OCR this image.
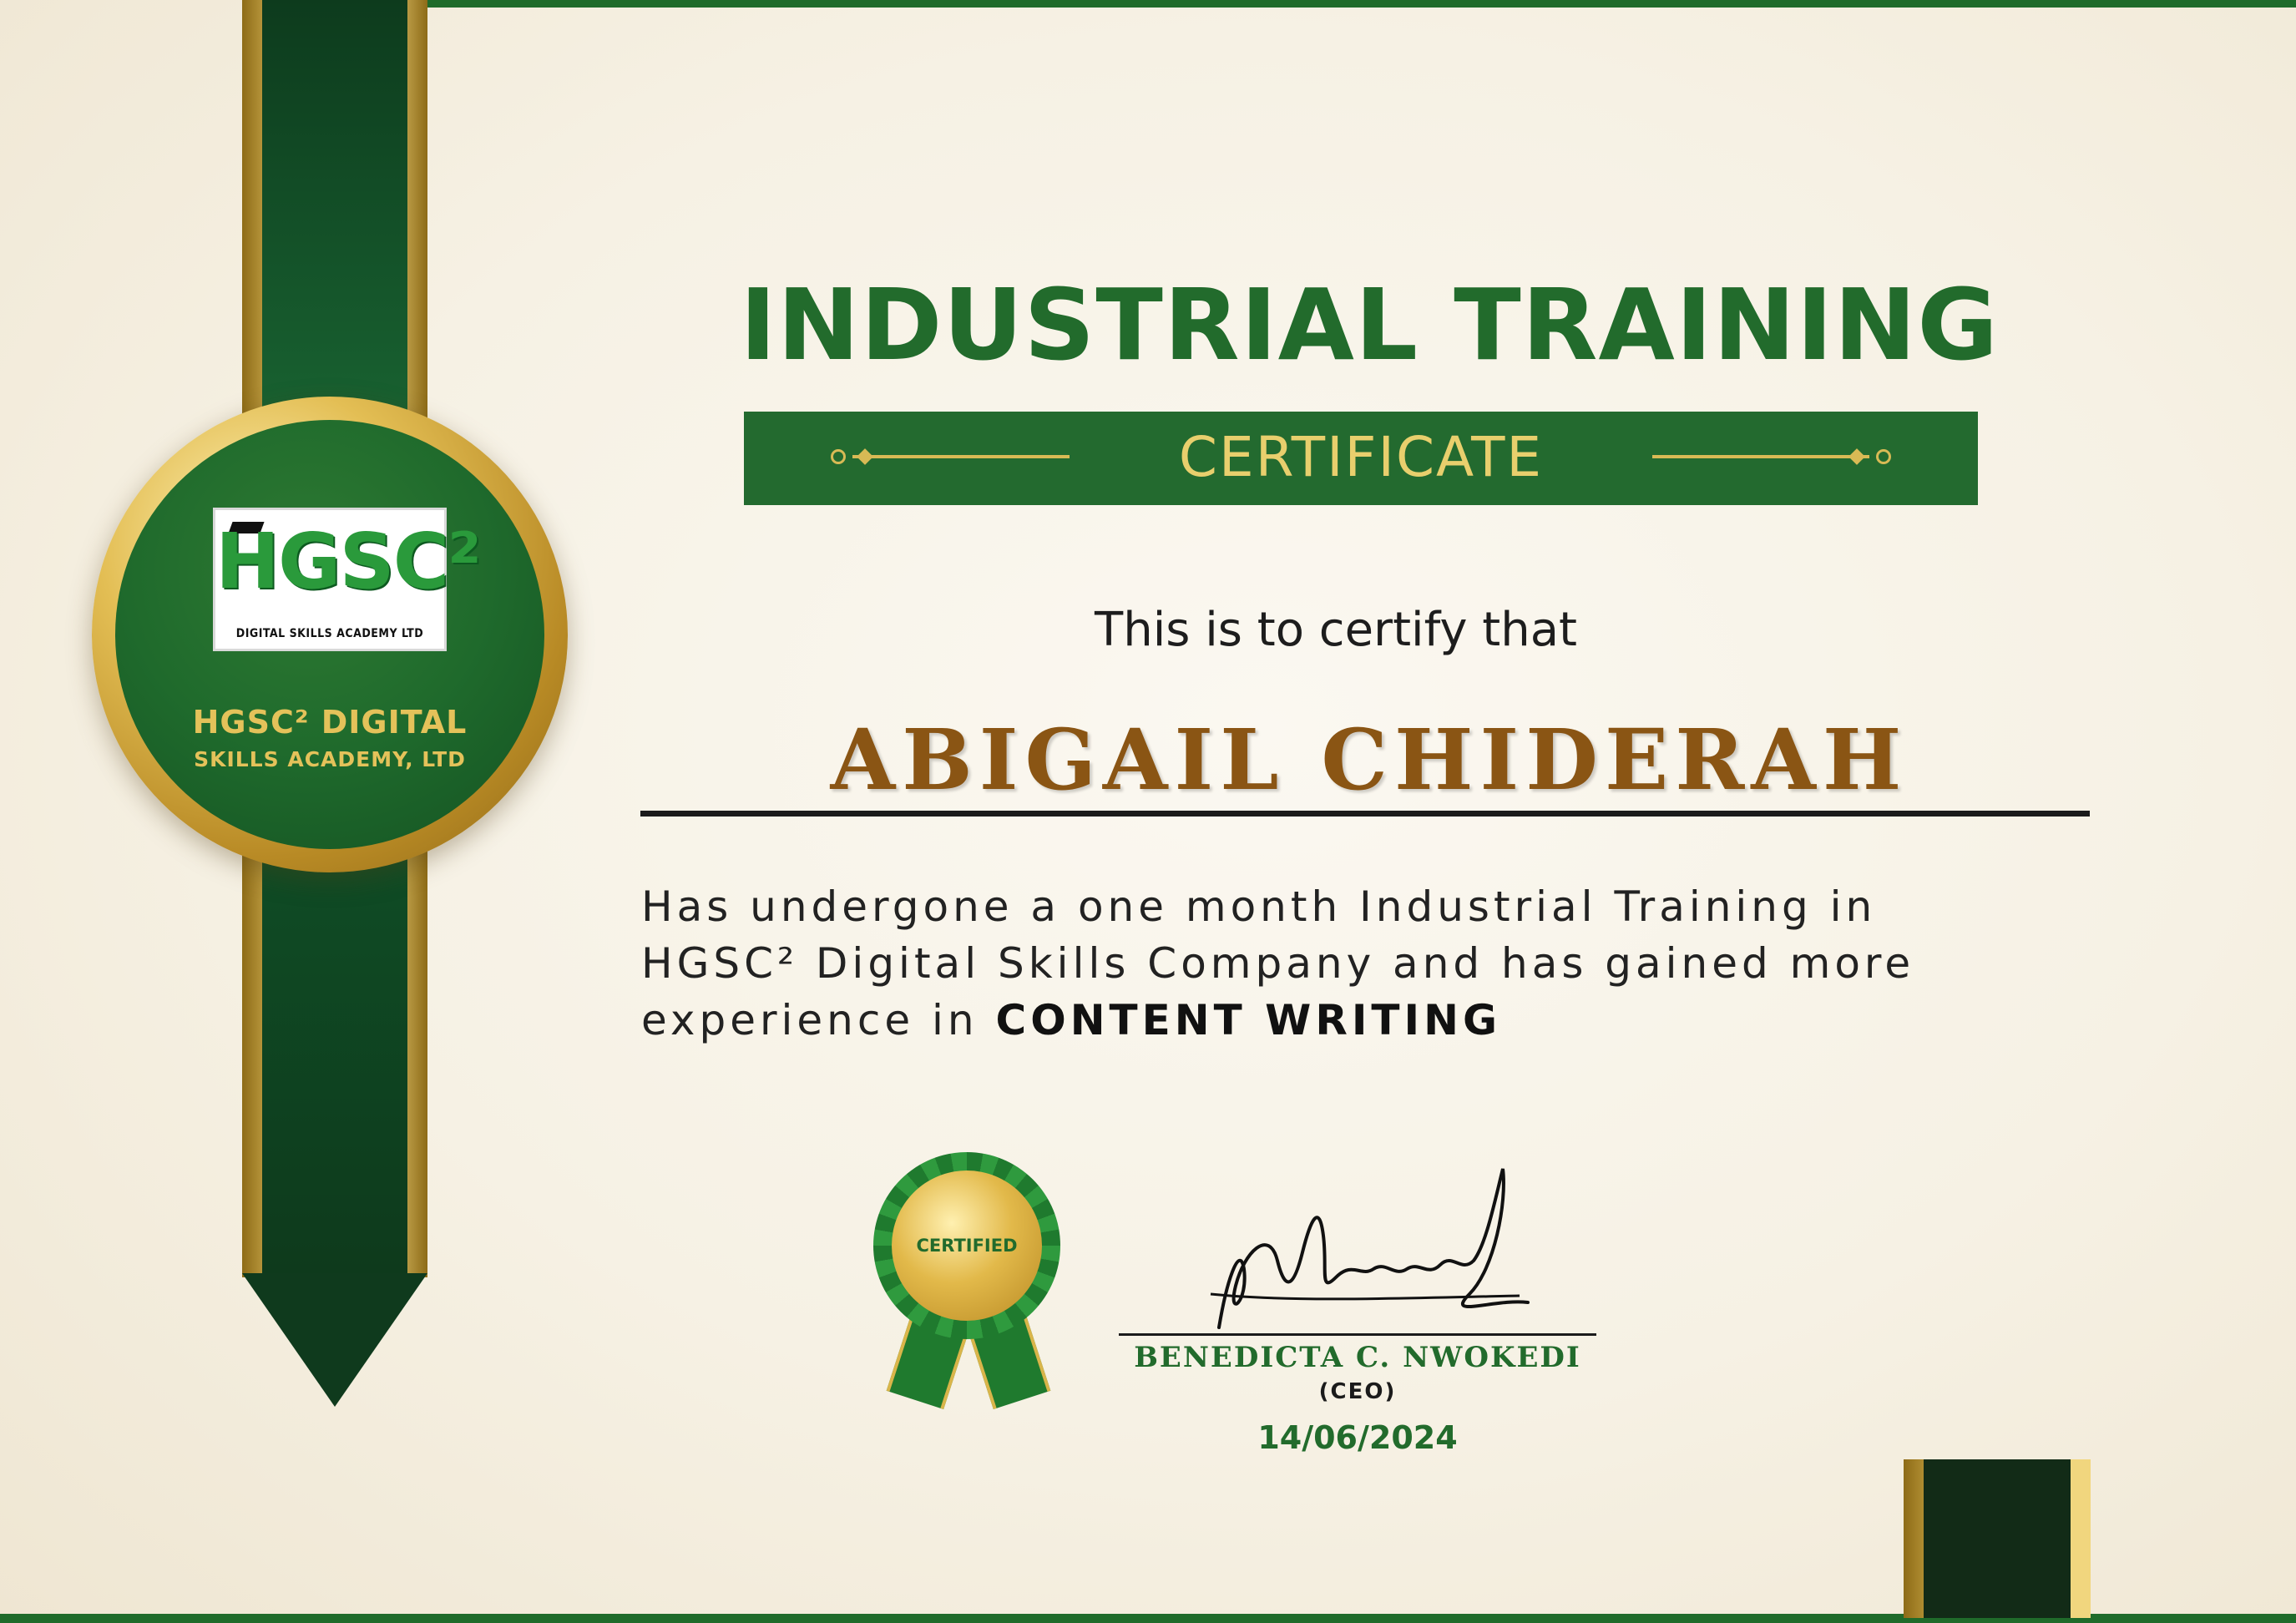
HGSC²
DIGITAL SKILLS ACADEMY LTD
HGSC² DIGITAL
SKILLS ACADEMY, LTD
INDUSTRIAL TRAINING
CERTIFICATE
This is to certify that
ABIGAIL CHIDERAH
Has undergone a one month Industrial Training in
HGSC² Digital Skills Company and has gained more
experience in CONTENT WRITING
CERTIFIED
BENEDICTA C. NWOKEDI
(CEO)
14/06/2024
